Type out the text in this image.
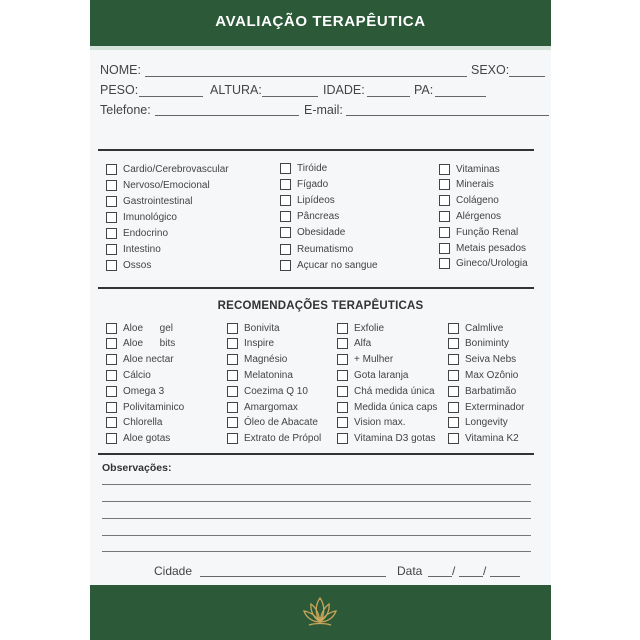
AVALIAÇÃO TERAPÊUTICA
NOME:	SEXO:
PESO:	ALTURA:	IDADE:	PA:
Telefone:	E-mail:
Cardio/Cerebrovascular
Nervoso/Emocional
Gastrointestinal
Imunológico
Endocrino
Intestino
Ossos
Tiróide
Fígado
Lipídeos
Pâncreas
Obesidade
Reumatismo
Açucar no sangue
Vitaminas
Minerais
Colágeno
Alérgenos
Função Renal
Metais pesados
Gineco/Urologia
RECOMENDAÇÕES TERAPÊUTICAS
Aloe      gel
Aloe      bits
Aloe nectar
Cálcio
Omega 3
Polivitaminico
Chlorella
Aloe gotas
Bonivita
Inspire
Magnésio
Melatonina
Coezima Q 10
Amargomax
Óleo de Abacate
Extrato de Própol
Exfolie
Alfa
+ Mulher
Gota laranja
Chá medida única
Medida única caps
Vision max.
Vitamina D3 gotas
Calmlive
Boniminty
Seiva Nebs
Max Ozônio
Barbatimão
Exterminador
Longevity
Vitamina K2
Observações:
Cidade	Data / /
